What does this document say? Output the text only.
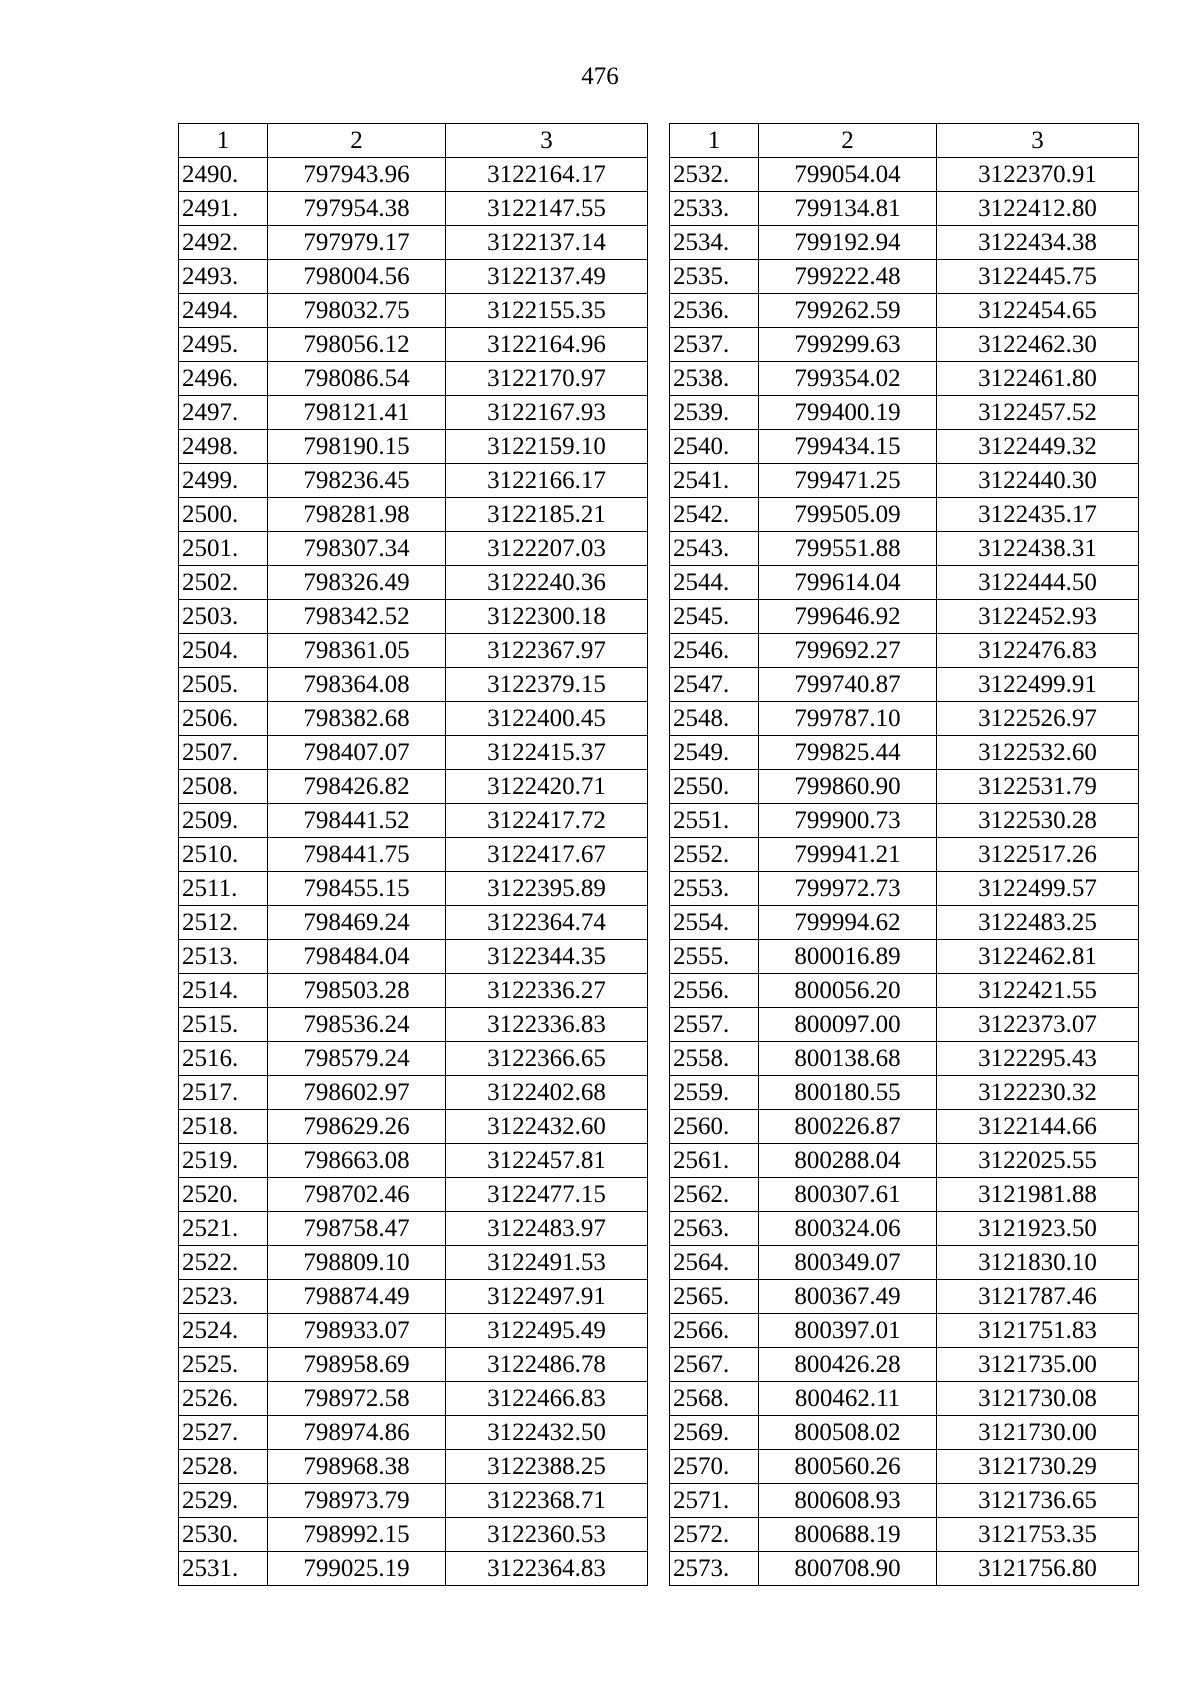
476
1	2	3
2490.	797943.96	3122164.17
2491.	797954.38	3122147.55
2492.	797979.17	3122137.14
2493.	798004.56	3122137.49
2494.	798032.75	3122155.35
2495.	798056.12	3122164.96
2496.	798086.54	3122170.97
2497.	798121.41	3122167.93
2498.	798190.15	3122159.10
2499.	798236.45	3122166.17
2500.	798281.98	3122185.21
2501.	798307.34	3122207.03
2502.	798326.49	3122240.36
2503.	798342.52	3122300.18
2504.	798361.05	3122367.97
2505.	798364.08	3122379.15
2506.	798382.68	3122400.45
2507.	798407.07	3122415.37
2508.	798426.82	3122420.71
2509.	798441.52	3122417.72
2510.	798441.75	3122417.67
2511.	798455.15	3122395.89
2512.	798469.24	3122364.74
2513.	798484.04	3122344.35
2514.	798503.28	3122336.27
2515.	798536.24	3122336.83
2516.	798579.24	3122366.65
2517.	798602.97	3122402.68
2518.	798629.26	3122432.60
2519.	798663.08	3122457.81
2520.	798702.46	3122477.15
2521.	798758.47	3122483.97
2522.	798809.10	3122491.53
2523.	798874.49	3122497.91
2524.	798933.07	3122495.49
2525.	798958.69	3122486.78
2526.	798972.58	3122466.83
2527.	798974.86	3122432.50
2528.	798968.38	3122388.25
2529.	798973.79	3122368.71
2530.	798992.15	3122360.53
2531.	799025.19	3122364.83
1	2	3
2532.	799054.04	3122370.91
2533.	799134.81	3122412.80
2534.	799192.94	3122434.38
2535.	799222.48	3122445.75
2536.	799262.59	3122454.65
2537.	799299.63	3122462.30
2538.	799354.02	3122461.80
2539.	799400.19	3122457.52
2540.	799434.15	3122449.32
2541.	799471.25	3122440.30
2542.	799505.09	3122435.17
2543.	799551.88	3122438.31
2544.	799614.04	3122444.50
2545.	799646.92	3122452.93
2546.	799692.27	3122476.83
2547.	799740.87	3122499.91
2548.	799787.10	3122526.97
2549.	799825.44	3122532.60
2550.	799860.90	3122531.79
2551.	799900.73	3122530.28
2552.	799941.21	3122517.26
2553.	799972.73	3122499.57
2554.	799994.62	3122483.25
2555.	800016.89	3122462.81
2556.	800056.20	3122421.55
2557.	800097.00	3122373.07
2558.	800138.68	3122295.43
2559.	800180.55	3122230.32
2560.	800226.87	3122144.66
2561.	800288.04	3122025.55
2562.	800307.61	3121981.88
2563.	800324.06	3121923.50
2564.	800349.07	3121830.10
2565.	800367.49	3121787.46
2566.	800397.01	3121751.83
2567.	800426.28	3121735.00
2568.	800462.11	3121730.08
2569.	800508.02	3121730.00
2570.	800560.26	3121730.29
2571.	800608.93	3121736.65
2572.	800688.19	3121753.35
2573.	800708.90	3121756.80
